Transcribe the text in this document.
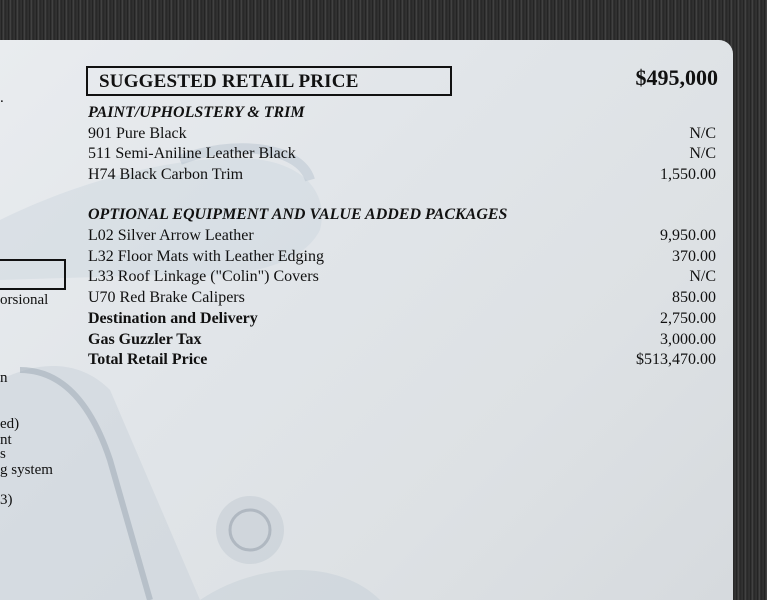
.
orsional
n
ed)
nt
s
g system
3)
SUGGESTED RETAIL PRICE	$495,000
PAINT/UPHOLSTERY & TRIM
901 Pure Black	N/C
511 Semi-Aniline Leather Black	N/C
H74 Black Carbon Trim	1,550.00
OPTIONAL EQUIPMENT AND VALUE ADDED PACKAGES
L02 Silver Arrow Leather	9,950.00
L32 Floor Mats with Leather Edging	370.00
L33 Roof Linkage ("Colin") Covers	N/C
U70 Red Brake Calipers	850.00
Destination and Delivery	2,750.00
Gas Guzzler Tax	3,000.00
Total Retail Price	$513,470.00
